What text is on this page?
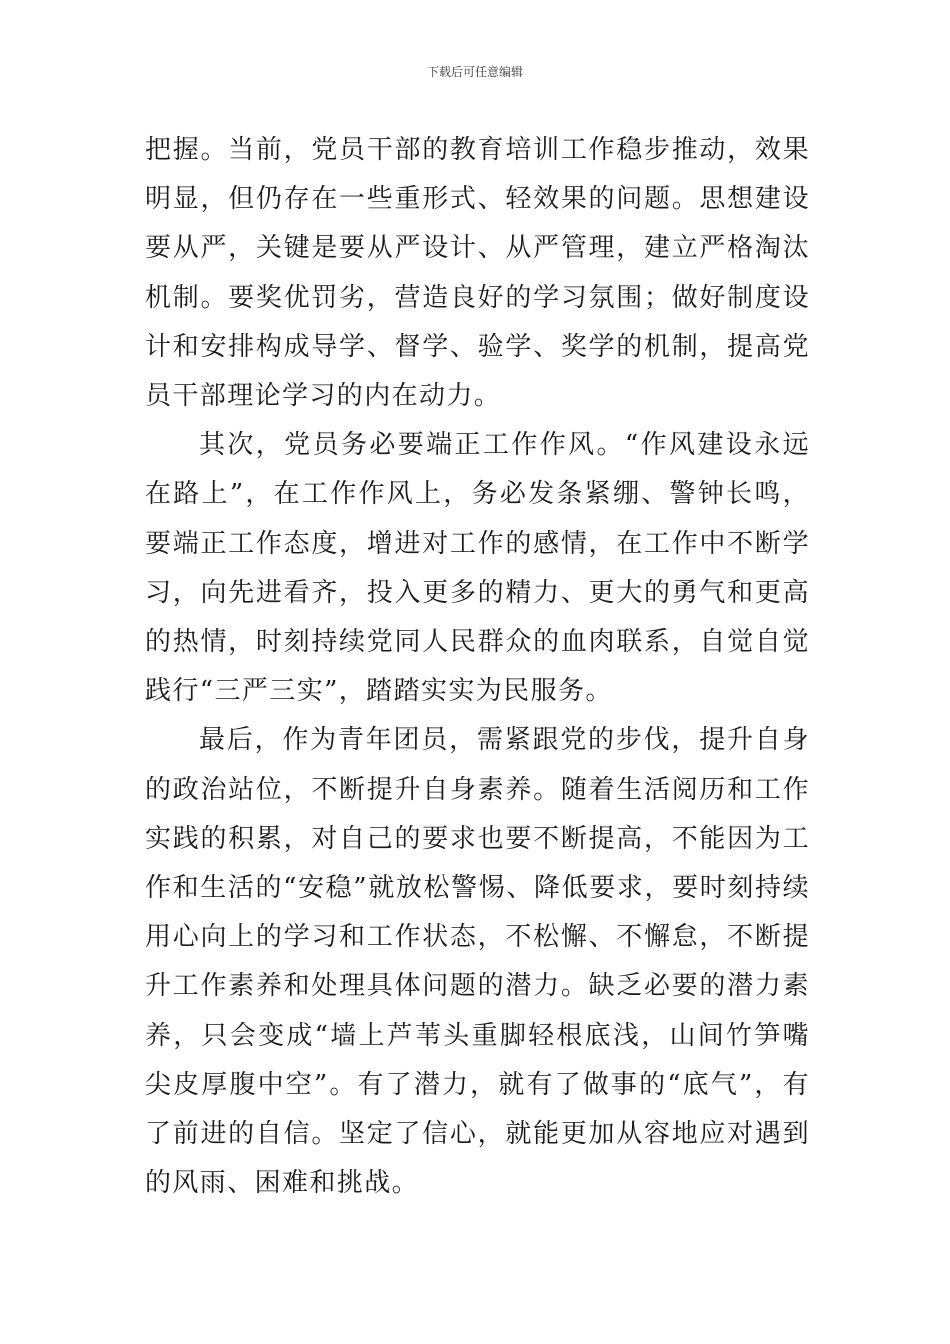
下载后可任意编辑

把握。当前，党员干部的教育培训工作稳步推动，效果明显，但仍存在一些重形式、轻效果的问题。思想建设要从严，关键是要从严设计、从严管理，建立严格淘汰机制。要奖优罚劣，营造良好的学习氛围；做好制度设计和安排构成导学、督学、验学、奖学的机制，提高党员干部理论学习的内在动力。

其次，党员务必要端正工作作风。“作风建设永远在路上”，在工作作风上，务必发条紧绷、警钟长鸣，要端正工作态度，增进对工作的感情，在工作中不断学习，向先进看齐，投入更多的精力、更大的勇气和更高的热情，时刻持续党同人民群众的血肉联系，自觉自觉践行“三严三实”，踏踏实实为民服务。

最后，作为青年团员，需紧跟党的步伐，提升自身的政治站位，不断提升自身素养。随着生活阅历和工作实践的积累，对自己的要求也要不断提高，不能因为工作和生活的“安稳”就放松警惕、降低要求，要时刻持续用心向上的学习和工作状态，不松懈、不懈怠，不断提升工作素养和处理具体问题的潜力。缺乏必要的潜力素养，只会变成“墙上芦苇头重脚轻根底浅，山间竹笋嘴尖皮厚腹中空”。有了潜力，就有了做事的“底气”，有了前进的自信。坚定了信心，就能更加从容地应对遇到的风雨、困难和挑战。
